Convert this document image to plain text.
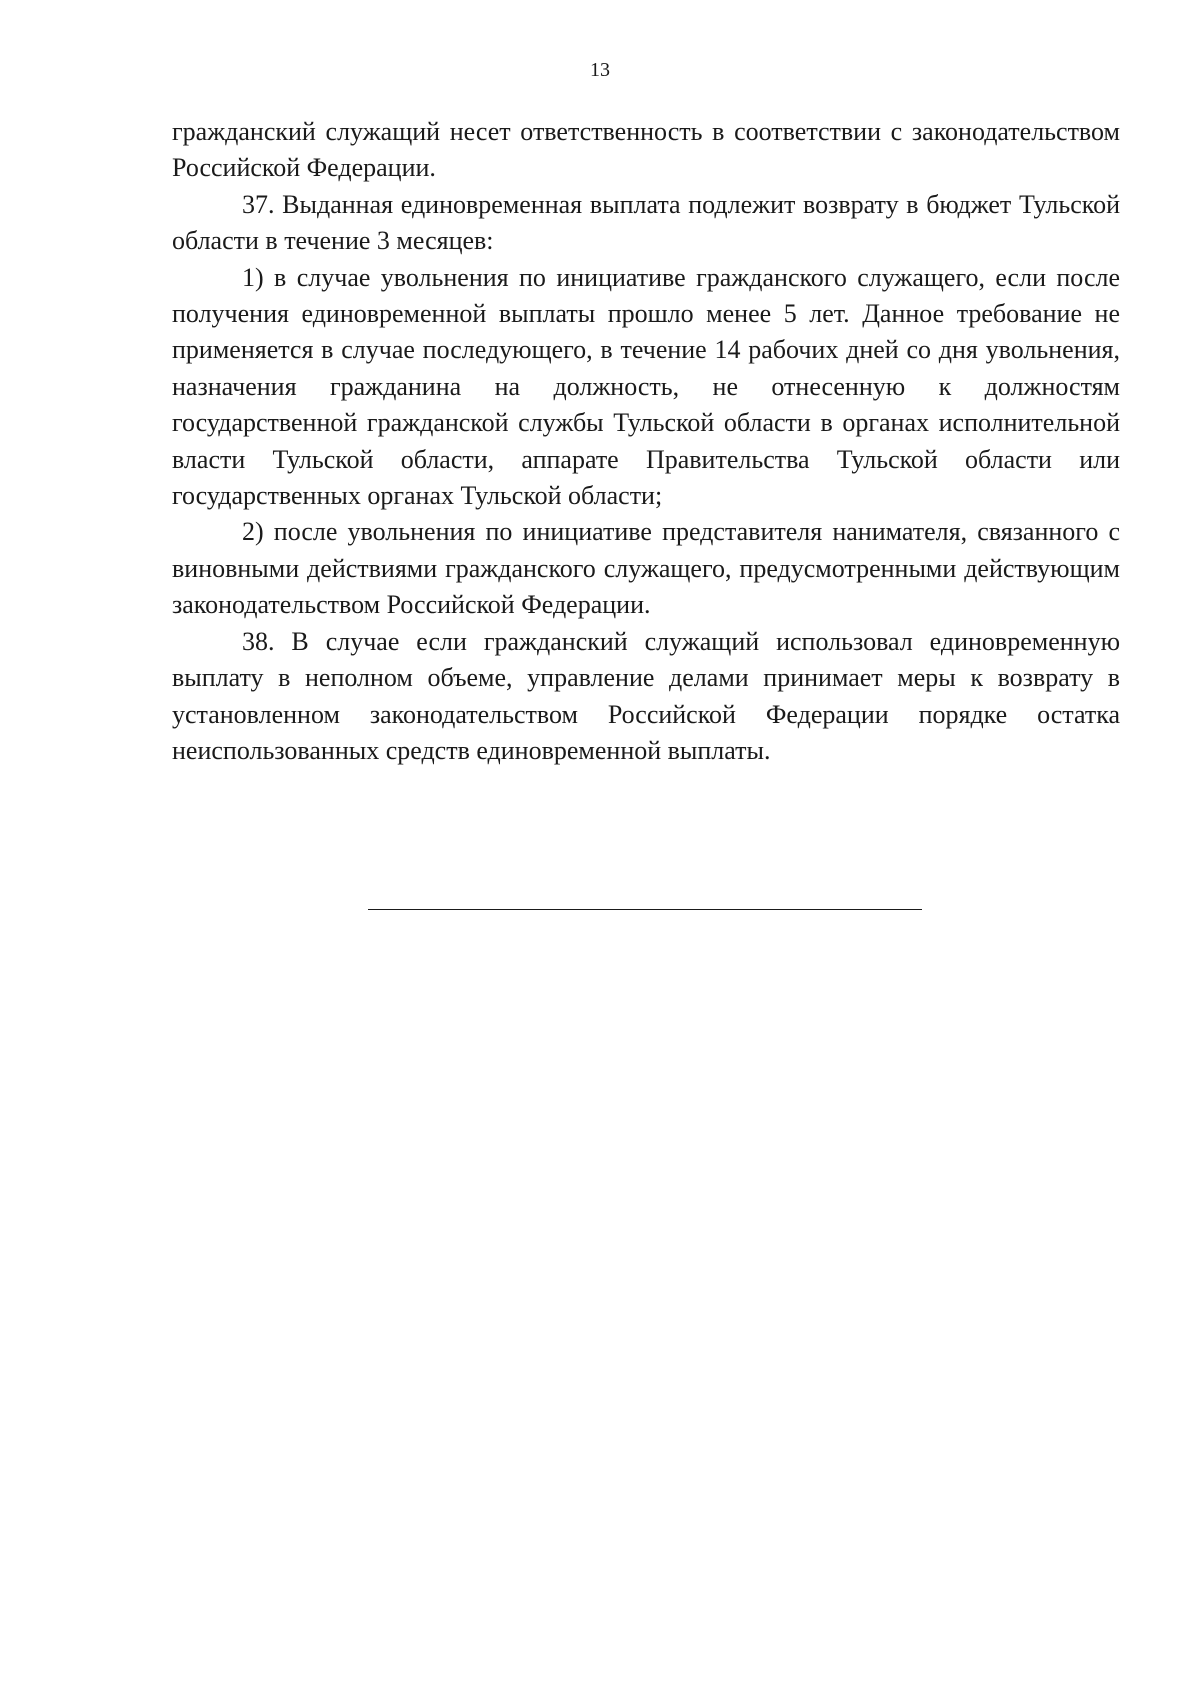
13

гражданский служащий несет ответственность в соответствии с законодательством Российской Федерации.

37. Выданная единовременная выплата подлежит возврату в бюджет Тульской области в течение 3 месяцев:

1) в случае увольнения по инициативе гражданского служащего, если после получения единовременной выплаты прошло менее 5 лет. Данное требование не применяется в случае последующего, в течение 14 рабочих дней со дня увольнения, назначения гражданина на должность, не отнесенную к должностям государственной гражданской службы Тульской области в органах исполнительной власти Тульской области, аппарате Правительства Тульской области или государственных органах Тульской области;

2) после увольнения по инициативе представителя нанимателя, связанного с виновными действиями гражданского служащего, предусмотренными действующим законодательством Российской Федерации.

38. В случае если гражданский служащий использовал единовременную выплату в неполном объеме, управление делами принимает меры к возврату в установленном законодательством Российской Федерации порядке остатка неиспользованных средств единовременной выплаты.
